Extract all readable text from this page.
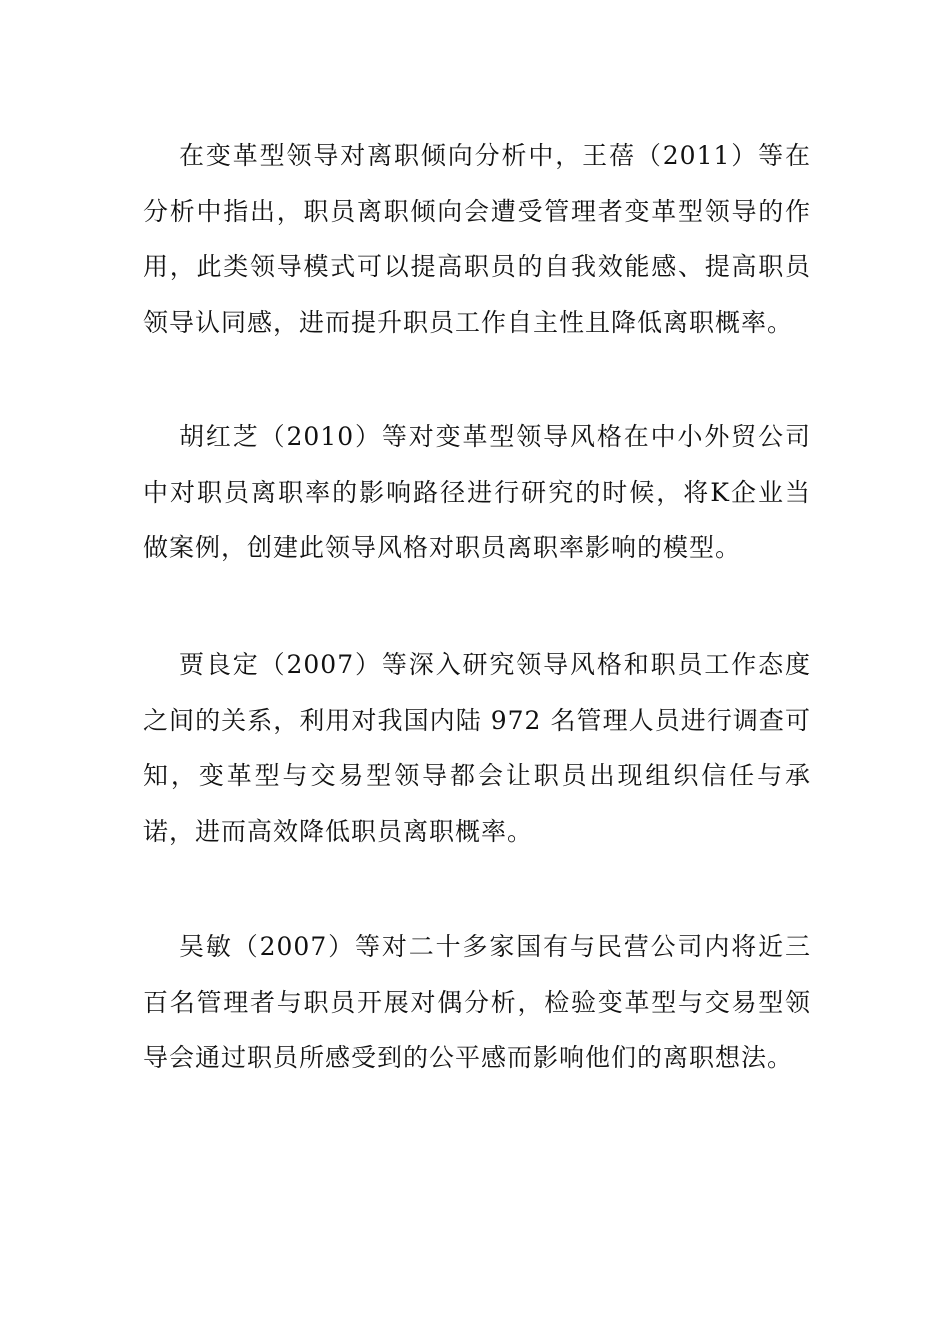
在变革型领导对离职倾向分析中，王蓓（2011）等在分析中指出，职员离职倾向会遭受管理者变革型领导的作用，此类领导模式可以提高职员的自我效能感、提高职员领导认同感，进而提升职员工作自主性且降低离职概率。

胡红芝（2010）等对变革型领导风格在中小外贸公司中对职员离职率的影响路径进行研究的时候，将K企业当做案例，创建此领导风格对职员离职率影响的模型。

贾良定（2007）等深入研究领导风格和职员工作态度之间的关系，利用对我国内陆 972 名管理人员进行调查可知，变革型与交易型领导都会让职员出现组织信任与承诺，进而高效降低职员离职概率。

吴敏（2007）等对二十多家国有与民营公司内将近三百名管理者与职员开展对偶分析，检验变革型与交易型领导会通过职员所感受到的公平感而影响他们的离职想法。
